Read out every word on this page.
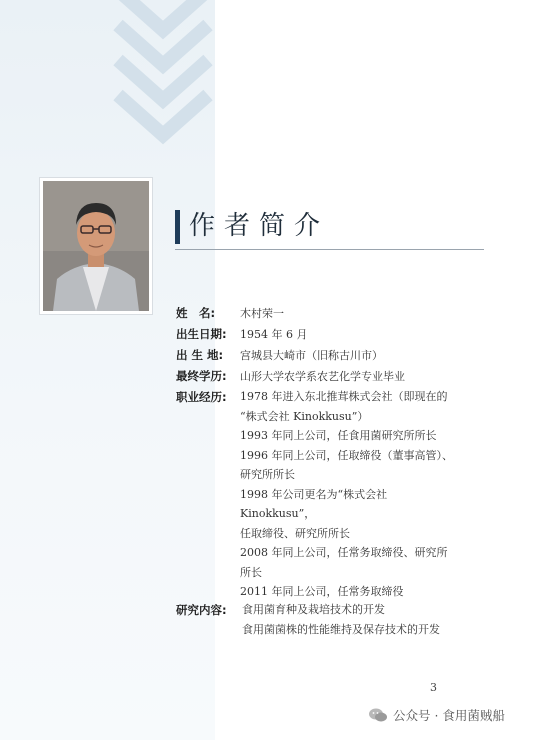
作者简介
姓　名:	木村荣一
出生日期:	1954 年 6 月
出 生 地:	宫城县大崎市（旧称古川市）
最终学历:	山形大学农学系农艺化学专业毕业
职业经历:	1978 年进入东北推茸株式会社（即现在的
“株式会社 Kinokkusu”）
1993 年同上公司，任食用菌研究所所长
1996 年同上公司，任取缔役（董事高管）、
研究所所长
1998 年公司更名为“株式会社 Kinokkusu”，
任取缔役、研究所所长
2008 年同上公司，任常务取缔役、研究所
所长
2011 年同上公司，任常务取缔役
研究内容: 食用菌育种及栽培技术的开发
食用菌菌株的性能维持及保存技术的开发
3
公众号 · 食用菌贼船
